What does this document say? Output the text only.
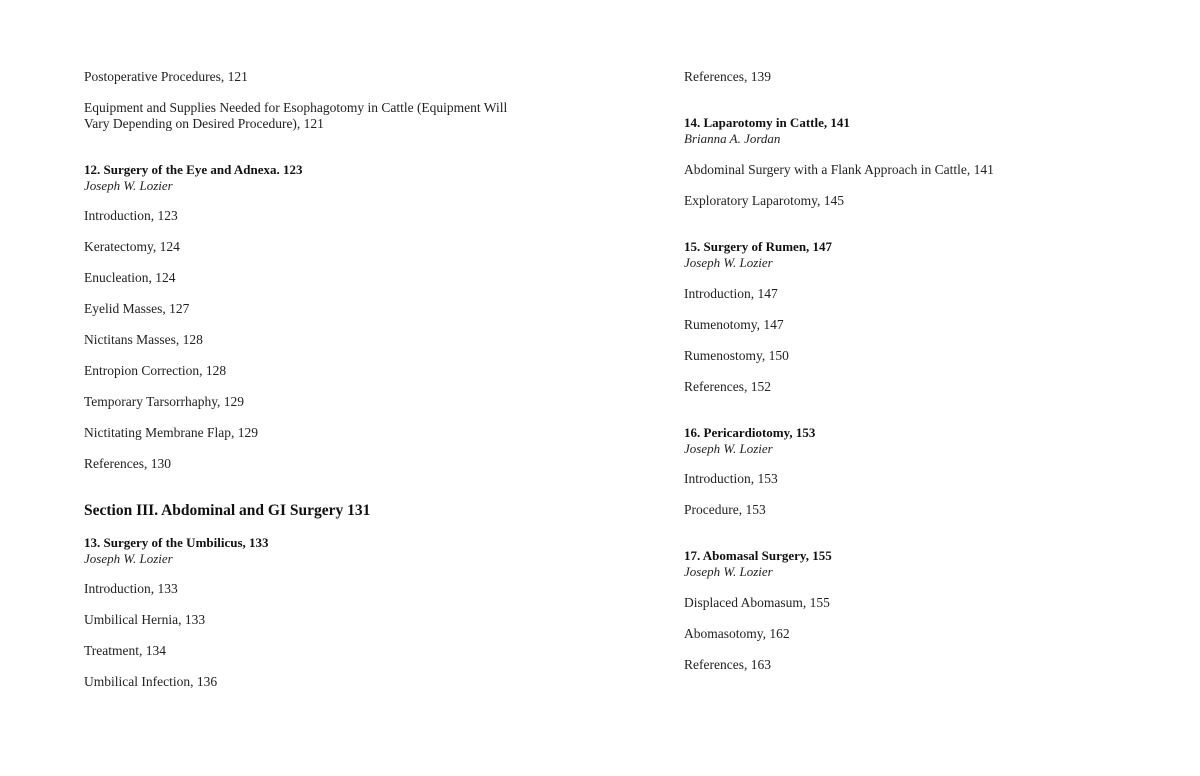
Postoperative Procedures, 121
Equipment and Supplies Needed for Esophagotomy in Cattle (Equipment Will Vary Depending on Desired Procedure), 121
12. Surgery of the Eye and Adnexa. 123
Joseph W. Lozier
Introduction, 123
Keratectomy, 124
Enucleation, 124
Eyelid Masses, 127
Nictitans Masses, 128
Entropion Correction, 128
Temporary Tarsorrhaphy, 129
Nictitating Membrane Flap, 129
References, 130
Section III. Abdominal and GI Surgery 131
13. Surgery of the Umbilicus, 133
Joseph W. Lozier
Introduction, 133
Umbilical Hernia, 133
Treatment, 134
Umbilical Infection, 136
References, 139
14. Laparotomy in Cattle, 141
Brianna A. Jordan
Abdominal Surgery with a Flank Approach in Cattle, 141
Exploratory Laparotomy, 145
15. Surgery of Rumen, 147
Joseph W. Lozier
Introduction, 147
Rumenotomy, 147
Rumenostomy, 150
References, 152
16. Pericardiotomy, 153
Joseph W. Lozier
Introduction, 153
Procedure, 153
17. Abomasal Surgery, 155
Joseph W. Lozier
Displaced Abomasum, 155
Abomasotomy, 162
References, 163
